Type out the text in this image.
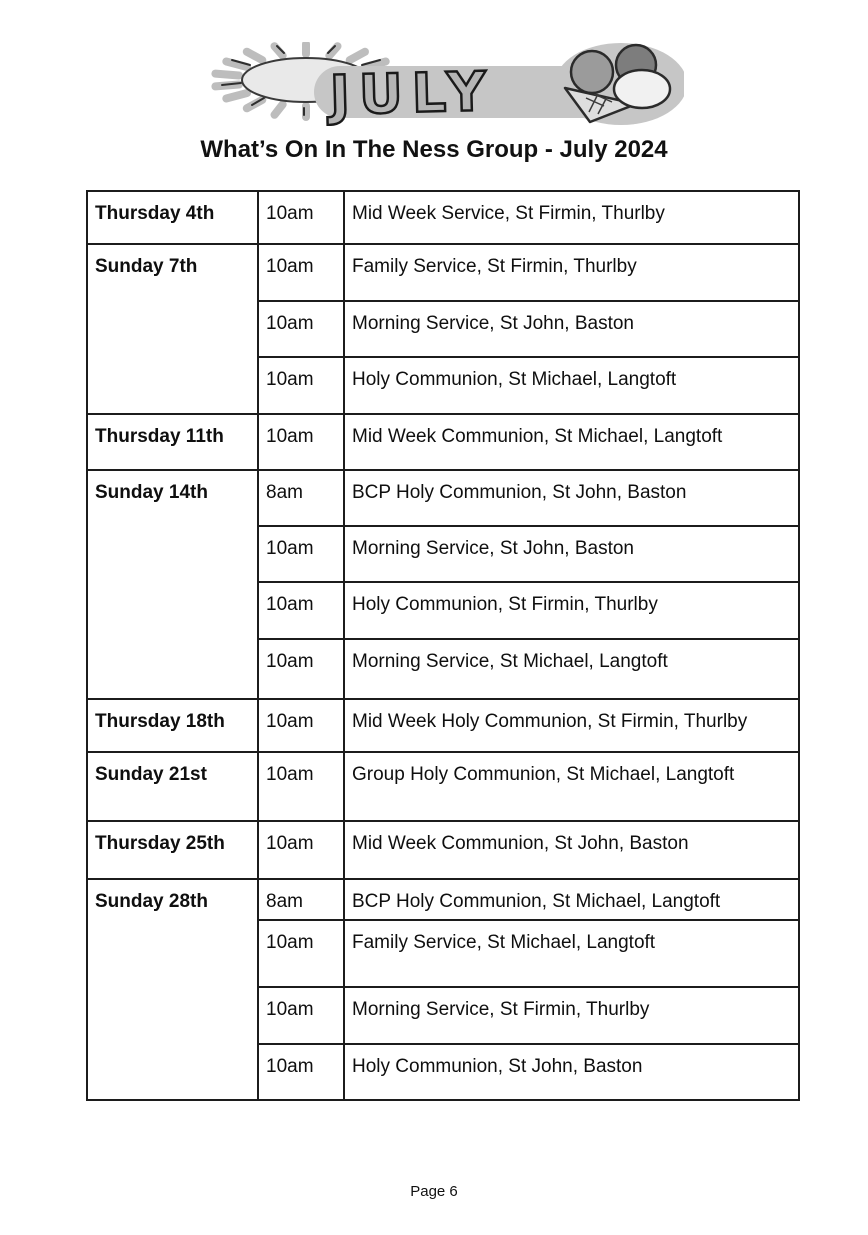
JULY
What’s On In The Ness Group - July 2024
Thursday 4th	10am	Mid Week Service, St Firmin, Thurlby
Sunday 7th	10am	Family Service, St Firmin, Thurlby
	10am	Morning Service, St John, Baston
	10am	Holy Communion, St Michael, Langtoft
Thursday 11th	10am	Mid Week Communion, St Michael, Langtoft
Sunday 14th	8am	BCP Holy Communion, St John, Baston
	10am	Morning Service, St John, Baston
	10am	Holy Communion, St Firmin, Thurlby
	10am	Morning Service, St Michael, Langtoft
Thursday 18th	10am	Mid Week Holy Communion, St Firmin, Thurlby
Sunday 21st	10am	Group Holy Communion, St Michael, Langtoft
Thursday 25th	10am	Mid Week Communion, St John, Baston
Sunday 28th	8am	BCP Holy Communion, St Michael, Langtoft
	10am	Family Service, St Michael, Langtoft
	10am	Morning Service, St Firmin, Thurlby
	10am	Holy Communion, St John, Baston
Page 6
